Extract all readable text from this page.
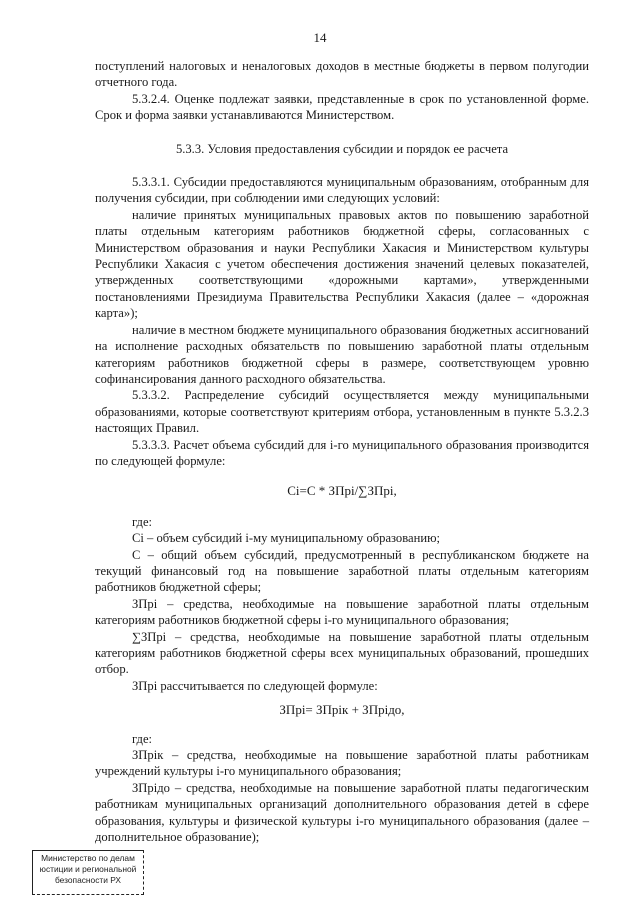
14

поступлений налоговых и неналоговых доходов в местные бюджеты в первом полугодии отчетного года.

5.3.2.4. Оценке подлежат заявки, представленные в срок по установленной форме. Срок и форма заявки устанавливаются Министерством.

5.3.3. Условия предоставления субсидии и порядок ее расчета

5.3.3.1. Субсидии предоставляются муниципальным образованиям, отобранным для получения субсидии, при соблюдении ими следующих условий:

наличие принятых муниципальных правовых актов по повышению заработной платы отдельным категориям работников бюджетной сферы, согласованных с Министерством образования и науки Республики Хакасия и Министерством культуры Республики Хакасия с учетом обеспечения достижения значений целевых показателей, утвержденных соответствующими «дорожными картами», утвержденными постановлениями Президиума Правительства Республики Хакасия (далее – «дорожная карта»);

наличие в местном бюджете муниципального образования бюджетных ассигнований на исполнение расходных обязательств по повышению заработной платы отдельным категориям работников бюджетной сферы в размере, соответствующем уровню софинансирования данного расходного обязательства.

5.3.3.2. Распределение субсидий осуществляется между муниципальными образованиями, которые соответствуют критериям отбора, установленным в пункте 5.3.2.3 настоящих Правил.

5.3.3.3. Расчет объема субсидий для i-го муниципального образования производится по следующей формуле:

Ci=C * ЗПрi/∑ЗПрi,

где:

Ci – объем субсидий i-му муниципальному образованию;

C – общий объем субсидий, предусмотренный в республиканском бюджете на текущий финансовый год на повышение заработной платы отдельным категориям работников бюджетной сферы;

ЗПрi – средства, необходимые на повышение заработной платы отдельным категориям работников бюджетной сферы i-го муниципального образования;

∑ЗПрi – средства, необходимые на повышение заработной платы отдельным категориям работников бюджетной сферы всех муниципальных образований, прошедших отбор.

ЗПрi рассчитывается по следующей формуле:

ЗПрi= ЗПрiк + ЗПрiдо,

где:

ЗПрiк – средства, необходимые на повышение заработной платы работникам учреждений культуры i-го муниципального образования;

ЗПрiдо – средства, необходимые на повышение заработной платы педагогическим работникам муниципальных организаций дополнительного образования детей в сфере образования, культуры и физической культуры i-го муниципального образования (далее – дополнительное образование);

Министерство по делам
юстиции и региональной
безопасности РХ
